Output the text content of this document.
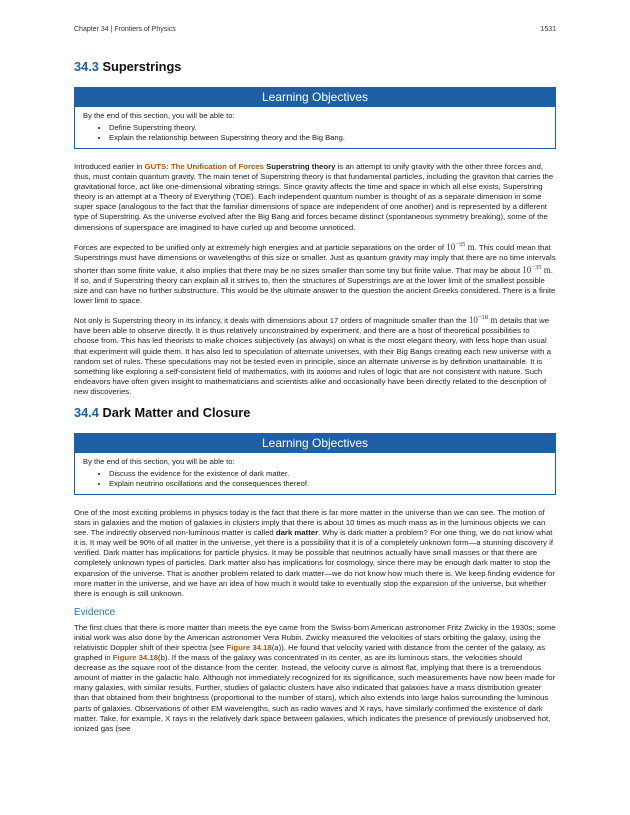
Chapter 34 | Frontiers of Physics	1531
34.3 Superstrings
Learning Objectives
By the end of this section, you will be able to:
• Define Superstring theory.
• Explain the relationship between Superstring theory and the Big Bang.

Introduced earlier in GUTS: The Unification of Forces Superstring theory is an attempt to unify gravity with the other three forces and, thus, must contain quantum gravity. The main tenet of Superstring theory is that fundamental particles, including the graviton that carries the gravitational force, act like one-dimensional vibrating strings. Since gravity affects the time and space in which all else exists, Superstring theory is an attempt at a Theory of Everything (TOE). Each independent quantum number is thought of as a separate dimension in some super space (analogous to the fact that the familiar dimensions of space are independent of one another) and is represented by a different type of Superstring. As the universe evolved after the Big Bang and forces became distinct (spontaneous symmetry breaking), some of the dimensions of superspace are imagined to have curled up and become unnoticed.

Forces are expected to be unified only at extremely high energies and at particle separations on the order of $10^{-35}$ m. This could mean that Superstrings must have dimensions or wavelengths of this size or smaller. Just as quantum gravity may imply that there are no time intervals shorter than some finite value, it also implies that there may be no sizes smaller than some tiny but finite value. That may be about $10^{-35}$ m. If so, and if Superstring theory can explain all it strives to, then the structures of Superstrings are at the lower limit of the smallest possible size and can have no further substructure. This would be the ultimate answer to the question the ancient Greeks considered. There is a finite lower limit to space.

Not only is Superstring theory in its infancy, it deals with dimensions about 17 orders of magnitude smaller than the $10^{-18}$ m details that we have been able to observe directly. It is thus relatively unconstrained by experiment, and there are a host of theoretical possibilities to choose from. This has led theorists to make choices subjectively (as always) on what is the most elegant theory, with less hope than usual that experiment will guide them. It has also led to speculation of alternate universes, with their Big Bangs creating each new universe with a random set of rules. These speculations may not be tested even in principle, since an alternate universe is by definition unattainable. It is something like exploring a self-consistent field of mathematics, with its axioms and rules of logic that are not consistent with nature. Such endeavors have often given insight to mathematicians and scientists alike and occasionally have been directly related to the description of new discoveries.

34.4 Dark Matter and Closure
Learning Objectives
By the end of this section, you will be able to:
• Discuss the evidence for the existence of dark matter.
• Explain neutrino oscillations and the consequences thereof.

One of the most exciting problems in physics today is the fact that there is far more matter in the universe than we can see. The motion of stars in galaxies and the motion of galaxies in clusters imply that there is about 10 times as much mass as in the luminous objects we can see. The indirectly observed non-luminous matter is called dark matter. Why is dark matter a problem? For one thing, we do not know what it is. It may well be 90% of all matter in the universe, yet there is a possibility that it is of a completely unknown form—a stunning discovery if verified. Dark matter has implications for particle physics. It may be possible that neutrinos actually have small masses or that there are completely unknown types of particles. Dark matter also has implications for cosmology, since there may be enough dark matter to stop the expansion of the universe. That is another problem related to dark matter—we do not know how much there is. We keep finding evidence for more matter in the universe, and we have an idea of how much it would take to eventually stop the expansion of the universe, but whether there is enough is still unknown.

Evidence

The first clues that there is more matter than meets the eye came from the Swiss-born American astronomer Fritz Zwicky in the 1930s; some initial work was also done by the American astronomer Vera Rubin. Zwicky measured the velocities of stars orbiting the galaxy, using the relativistic Doppler shift of their spectra (see Figure 34.18(a)). He found that velocity varied with distance from the center of the galaxy, as graphed in Figure 34.18(b). If the mass of the galaxy was concentrated in its center, as are its luminous stars, the velocities should decrease as the square root of the distance from the center. Instead, the velocity curve is almost flat, implying that there is a tremendous amount of matter in the galactic halo. Although not immediately recognized for its significance, such measurements have now been made for many galaxies, with similar results. Further, studies of galactic clusters have also indicated that galaxies have a mass distribution greater than that obtained from their brightness (proportional to the number of stars), which also extends into large halos surrounding the luminous parts of galaxies. Observations of other EM wavelengths, such as radio waves and X rays, have similarly confirmed the existence of dark matter. Take, for example, X rays in the relatively dark space between galaxies, which indicates the presence of previously unobserved hot, ionized gas (see
